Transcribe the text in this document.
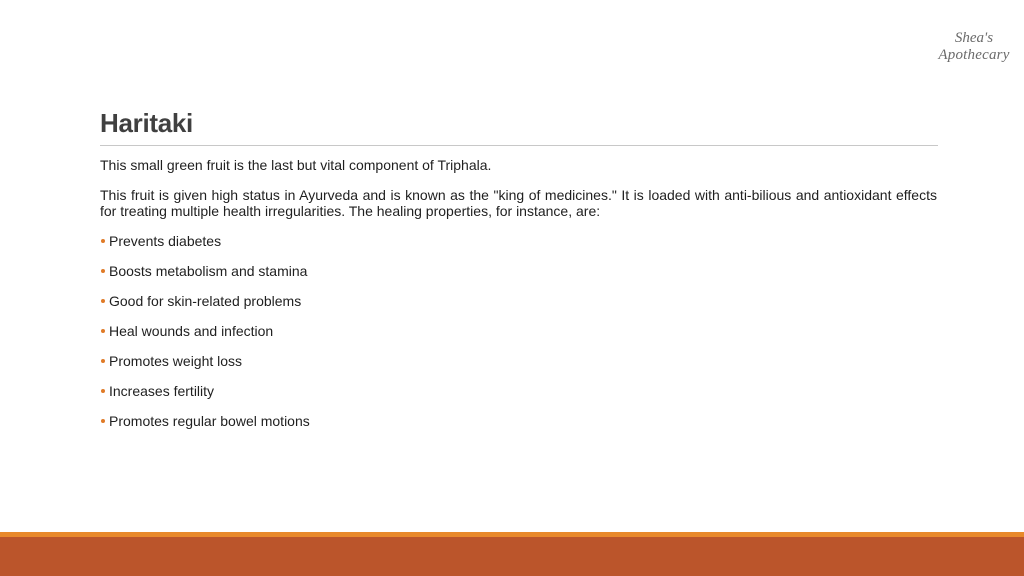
Shea's
Apothecary
Haritaki

This small green fruit is the last but vital component of Triphala.

This fruit is given high status in Ayurveda and is known as the "king of medicines." It is loaded with anti-bilious and antioxidant effects for treating multiple health irregularities. The healing properties, for instance, are:

Prevents diabetes
Boosts metabolism and stamina
Good for skin-related problems
Heal wounds and infection
Promotes weight loss
Increases fertility
Promotes regular bowel motions
